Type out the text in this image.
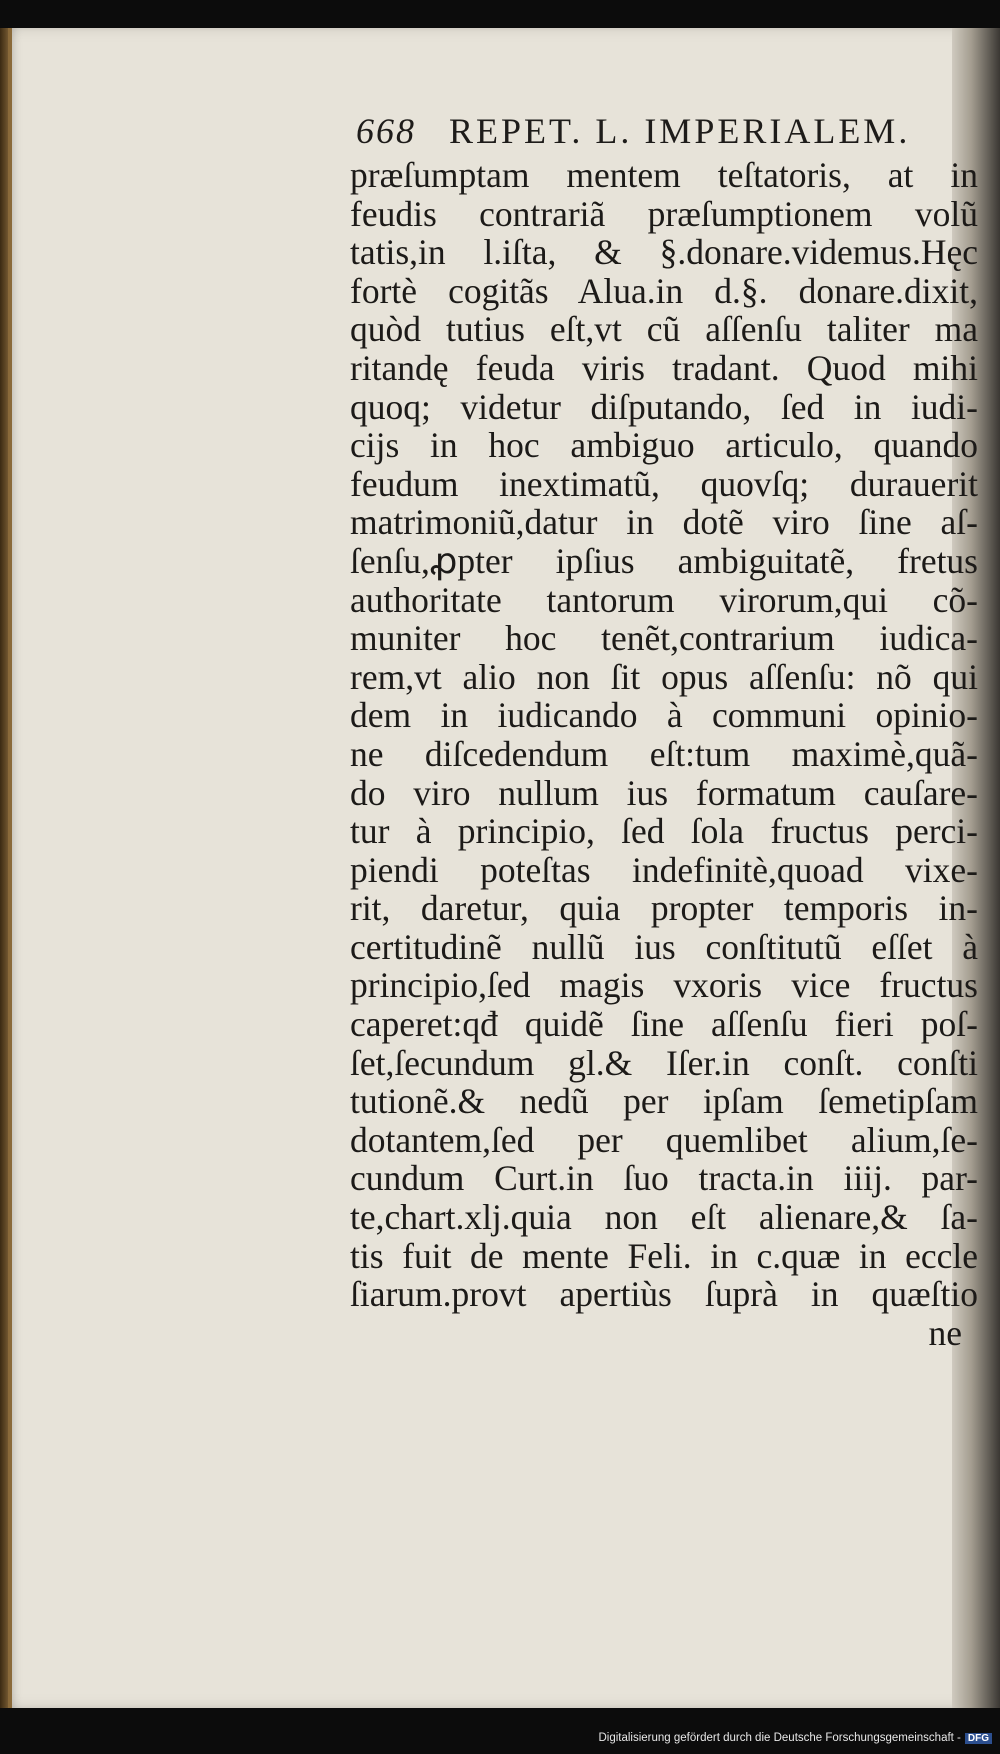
668 REPET. L. IMPERIALEM.
præſumptam mentem teſtatoris, at in
feudis contrariã præſumptionem volũ
tatis,in l.iſta, & §.donare.videmus.Hęc
fortè cogitãs Alua.in d.§. donare.dixit,
quòd tutius eſt,vt cũ aſſenſu taliter ma
ritandę feuda viris tradant. Quod mihi
quoq; videtur diſputando, ſed in iudi-
cijs in hoc ambiguo articulo, quando
feudum inextimatũ, quovſq; durauerit
matrimoniũ,datur in dotẽ viro ſine aſ-
ſenſu,ꝓpter ipſius ambiguitatẽ, fretus
authoritate tantorum virorum,qui cõ-
muniter hoc tenẽt,contrarium iudica-
rem,vt alio non ſit opus aſſenſu: nõ qui
dem in iudicando à communi opinio-
ne diſcedendum eſt:tum maximè,quã-
do viro nullum ius formatum cauſare-
tur à principio, ſed ſola fructus perci-
piendi poteſtas indefinitè,quoad vixe-
rit, daretur, quia propter temporis in-
certitudinẽ nullũ ius conſtitutũ eſſet à
principio,ſed magis vxoris vice fructus
caperet:qđ quidẽ ſine aſſenſu fieri poſ-
ſet,ſecundum gl.& Iſer.in conſt. conſti
tutionẽ.& nedũ per ipſam ſemetipſam
dotantem,ſed per quemlibet alium,ſe-
cundum Curt.in ſuo tracta.in iiij. par-
te,chart.xlj.quia non eſt alienare,& ſa-
tis fuit de mente Feli. in c.quæ in eccle
ſiarum.provt apertiùs ſuprà in quæſtio
ne
Digitalisierung gefördert durch die Deutsche Forschungsgemeinschaft - DFG
